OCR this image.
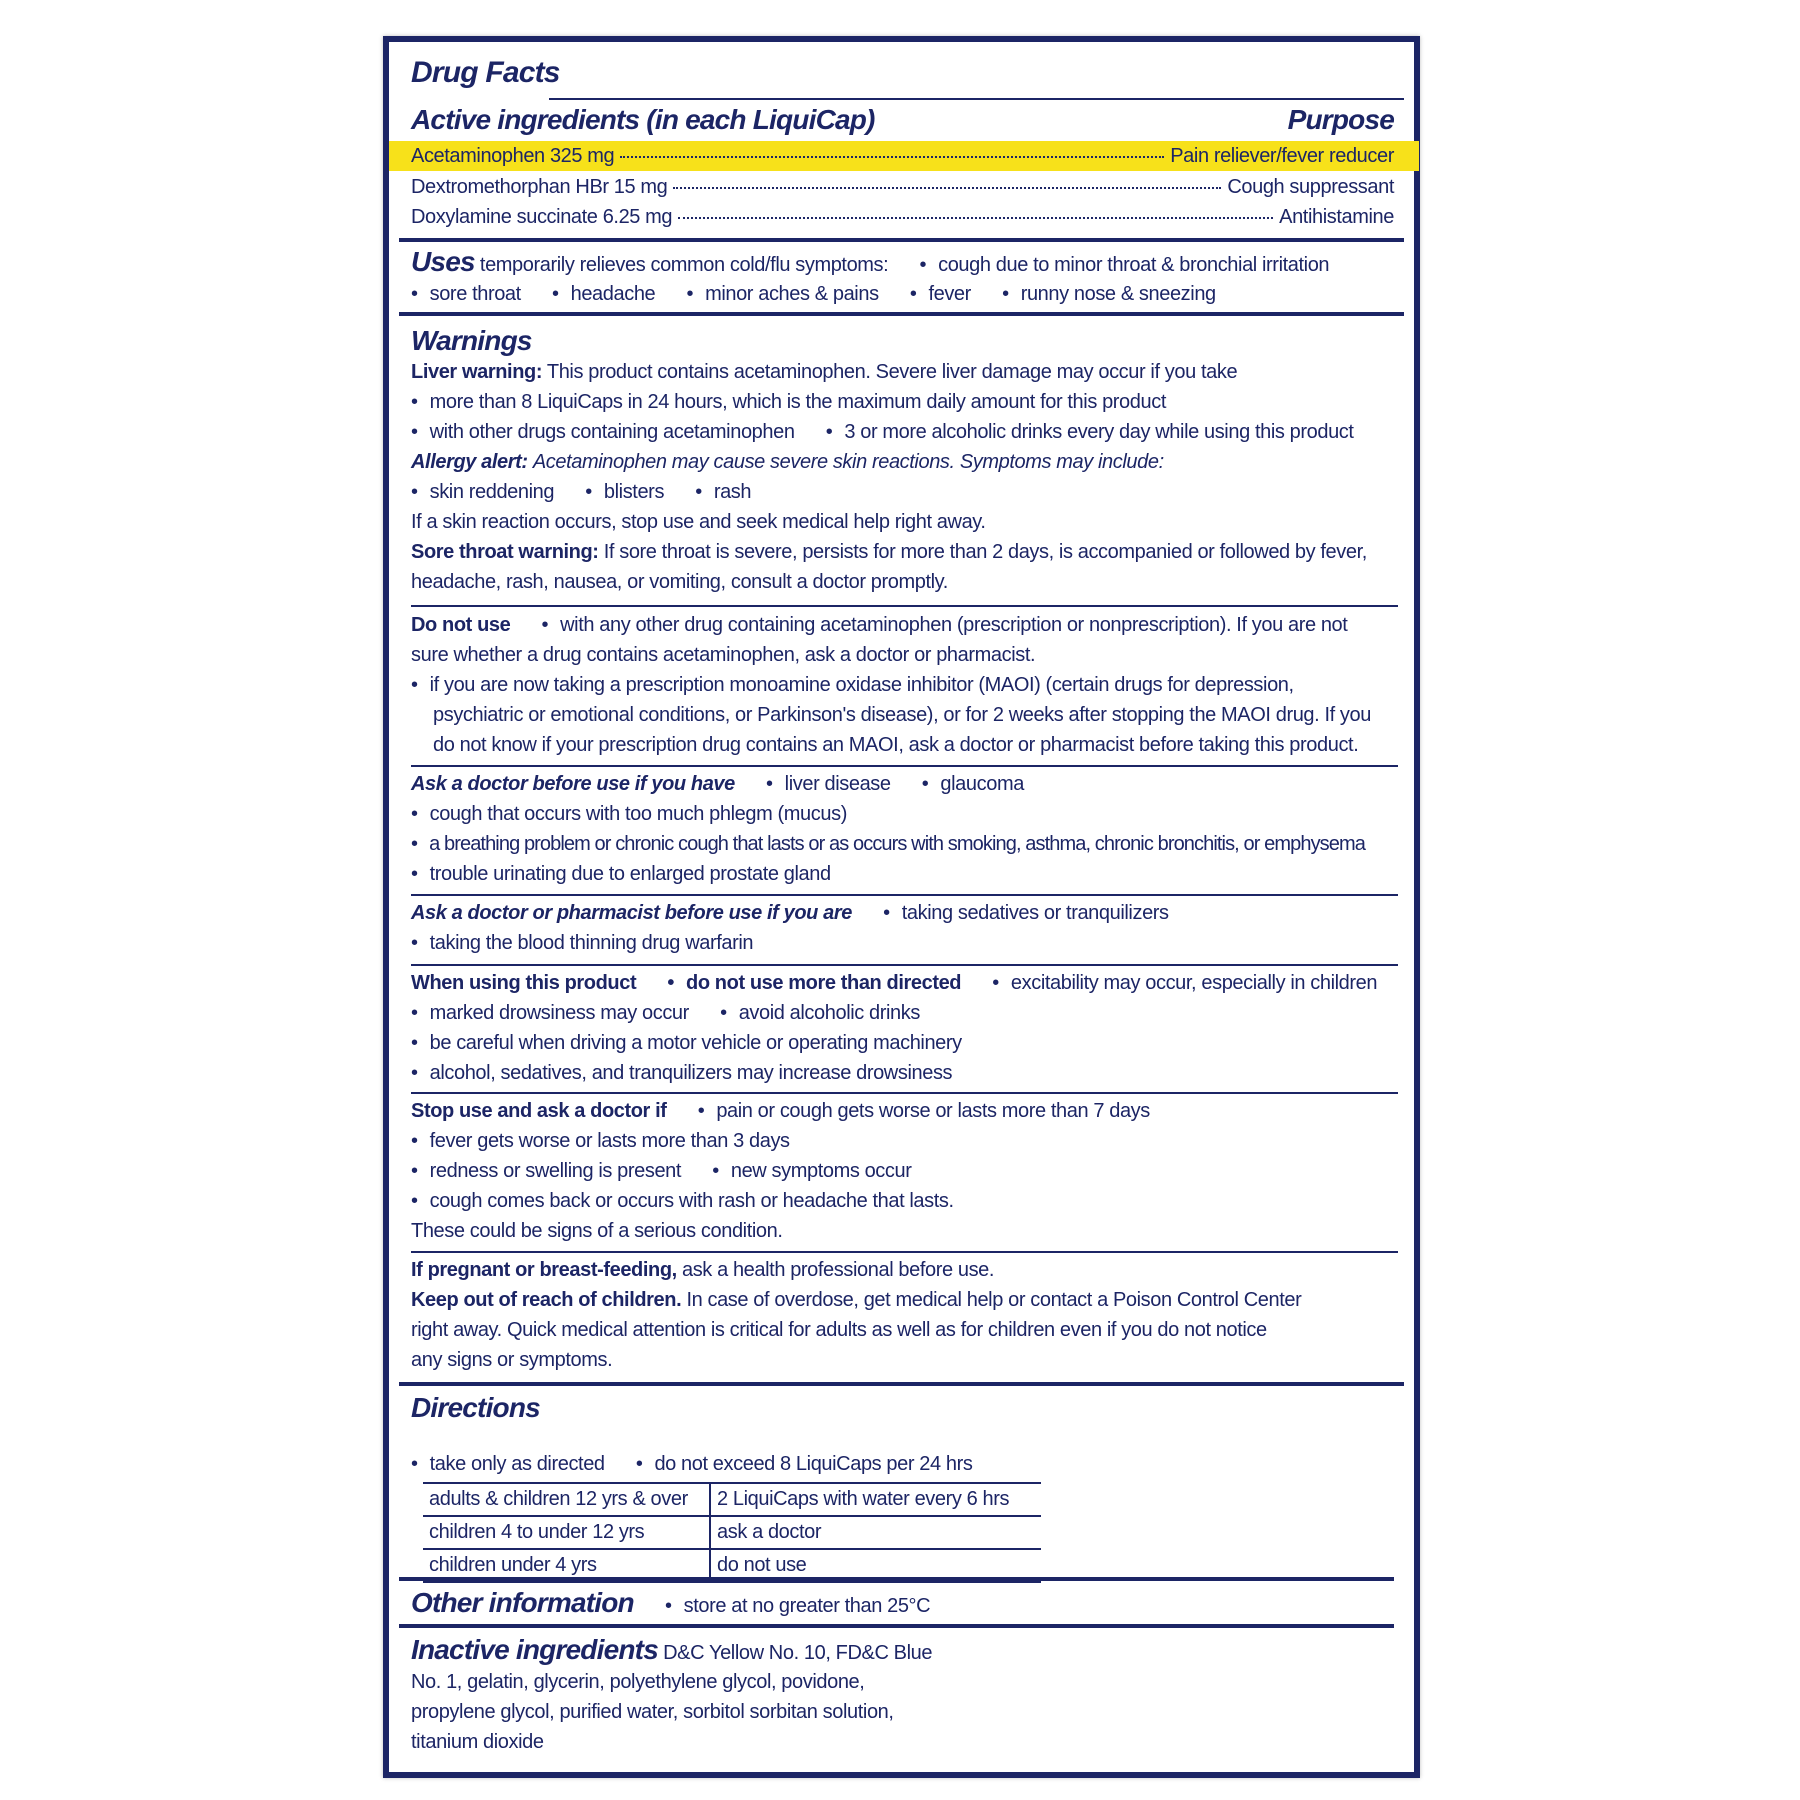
Drug Facts
Active ingredients (in each LiquiCap)	Purpose
Acetaminophen 325 mg	Pain reliever/fever reducer
Dextromethorphan HBr 15 mg	Cough suppressant
Doxylamine succinate 6.25 mg	Antihistamine
Uses temporarily relieves common cold/flu symptoms: • cough due to minor throat & bronchial irritation
• sore throat • headache • minor aches & pains • fever • runny nose & sneezing
Warnings
Liver warning: This product contains acetaminophen. Severe liver damage may occur if you take
• more than 8 LiquiCaps in 24 hours, which is the maximum daily amount for this product
• with other drugs containing acetaminophen • 3 or more alcoholic drinks every day while using this product
Allergy alert: Acetaminophen may cause severe skin reactions. Symptoms may include:
• skin reddening • blisters • rash
If a skin reaction occurs, stop use and seek medical help right away.
Sore throat warning: If sore throat is severe, persists for more than 2 days, is accompanied or followed by fever,
headache, rash, nausea, or vomiting, consult a doctor promptly.
Do not use • with any other drug containing acetaminophen (prescription or nonprescription). If you are not
sure whether a drug contains acetaminophen, ask a doctor or pharmacist.
• if you are now taking a prescription monoamine oxidase inhibitor (MAOI) (certain drugs for depression,
psychiatric or emotional conditions, or Parkinson's disease), or for 2 weeks after stopping the MAOI drug. If you
do not know if your prescription drug contains an MAOI, ask a doctor or pharmacist before taking this product.
Ask a doctor before use if you have • liver disease • glaucoma
• cough that occurs with too much phlegm (mucus)
• a breathing problem or chronic cough that lasts or as occurs with smoking, asthma, chronic bronchitis, or emphysema
• trouble urinating due to enlarged prostate gland
Ask a doctor or pharmacist before use if you are • taking sedatives or tranquilizers
• taking the blood thinning drug warfarin
When using this product • do not use more than directed • excitability may occur, especially in children
• marked drowsiness may occur • avoid alcoholic drinks
• be careful when driving a motor vehicle or operating machinery
• alcohol, sedatives, and tranquilizers may increase drowsiness
Stop use and ask a doctor if • pain or cough gets worse or lasts more than 7 days
• fever gets worse or lasts more than 3 days
• redness or swelling is present • new symptoms occur
• cough comes back or occurs with rash or headache that lasts.
These could be signs of a serious condition.
If pregnant or breast-feeding, ask a health professional before use.
Keep out of reach of children. In case of overdose, get medical help or contact a Poison Control Center
right away. Quick medical attention is critical for adults as well as for children even if you do not notice
any signs or symptoms.
Directions
• take only as directed • do not exceed 8 LiquiCaps per 24 hrs
adults & children 12 yrs & over	2 LiquiCaps with water every 6 hrs
children 4 to under 12 yrs	ask a doctor
children under 4 yrs	do not use
Other information • store at no greater than 25°C
Inactive ingredients D&C Yellow No. 10, FD&C Blue
No. 1, gelatin, glycerin, polyethylene glycol, povidone,
propylene glycol, purified water, sorbitol sorbitan solution,
titanium dioxide
